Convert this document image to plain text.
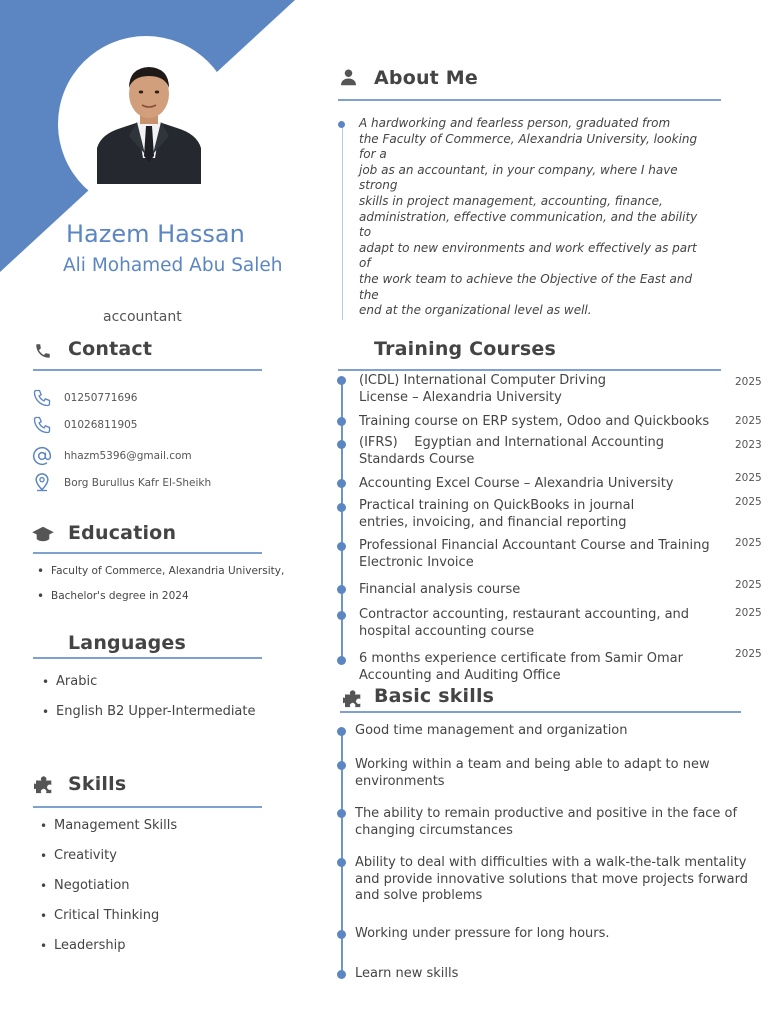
Hazem Hassan
Ali Mohamed Abu Saleh
accountant
Contact
01250771696
01026811905
hhazm5396@gmail.com
Borg Burullus Kafr El-Sheikh
Education
• Faculty of Commerce, Alexandria University,
• Bachelor's degree in 2024
Languages
• Arabic
• English B2 Upper-Intermediate
Skills
• Management Skills
• Creativity
• Negotiation
• Critical Thinking
• Leadership
About Me
A hardworking and fearless person, graduated from
the Faculty of Commerce, Alexandria University, looking
for a
job as an accountant, in your company, where I have
strong
skills in project management, accounting, finance,
administration, effective communication, and the ability
to
adapt to new environments and work effectively as part
of
the work team to achieve the Objective of the East and
the
end at the organizational level as well.
Training Courses
(ICDL) International Computer Driving
License – Alexandria University
2025
Training course on ERP system, Odoo and Quickbooks	2025
(IFRS)    Egyptian and International Accounting
Standards Course
2023
Accounting Excel Course – Alexandria University	2025
Practical training on QuickBooks in journal
entries, invoicing, and financial reporting
2025
Professional Financial Accountant Course and Training
Electronic Invoice
2025
Financial analysis course	2025
Contractor accounting, restaurant accounting, and
hospital accounting course
2025
6 months experience certificate from Samir Omar
Accounting and Auditing Office
2025
Basic skills
Good time management and organization
Working within a team and being able to adapt to new
environments
The ability to remain productive and positive in the face of
changing circumstances
Ability to deal with difficulties with a walk-the-talk mentality
and provide innovative solutions that move projects forward
and solve problems
Working under pressure for long hours.
Learn new skills
